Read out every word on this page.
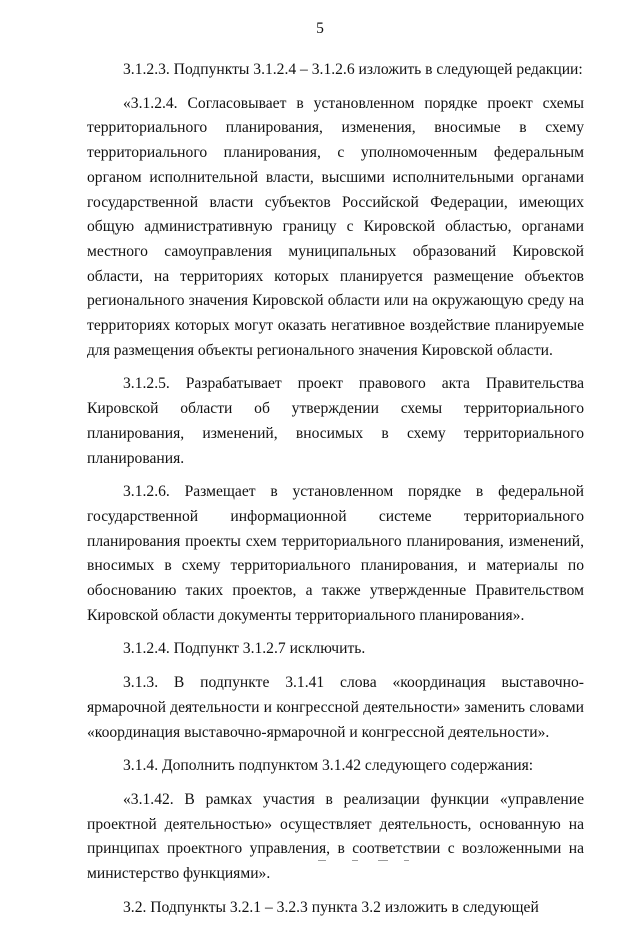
5

3.1.2.3. Подпункты 3.1.2.4 – 3.1.2.6 изложить в следующей редакции:

«3.1.2.4. Согласовывает в установленном порядке проект схемы территориального планирования, изменения, вносимые в схему территориального планирования, с уполномоченным федеральным органом исполнительной власти, высшими исполнительными органами государственной власти субъектов Российской Федерации, имеющих общую административную границу с Кировской областью, органами местного самоуправления муниципальных образований Кировской области, на территориях которых планируется размещение объектов регионального значения Кировской области или на окружающую среду на территориях которых могут оказать негативное воздействие планируемые для размещения объекты регионального значения Кировской области.

3.1.2.5. Разрабатывает проект правового акта Правительства Кировской области об утверждении схемы территориального планирования, изменений, вносимых в схему территориального планирования.

3.1.2.6. Размещает в установленном порядке в федеральной государственной информационной системе территориального планирования проекты схем территориального планирования, изменений, вносимых в схему территориального планирования, и материалы по обоснованию таких проектов, а также утвержденные Правительством Кировской области документы территориального планирования».

3.1.2.4. Подпункт 3.1.2.7 исключить.

3.1.3. В подпункте 3.1.41 слова «координация выставочно-ярмарочной деятельности и конгрессной деятельности» заменить словами «координация выставочно-ярмарочной и конгрессной деятельности».

3.1.4. Дополнить подпунктом 3.1.42 следующего содержания:

«3.1.42. В рамках участия в реализации функции «управление проектной деятельностью» осуществляет деятельность, основанную на принципах проектного управления, в соответствии с возложенными на министерство функциями».

3.2. Подпункты 3.2.1 – 3.2.3 пункта 3.2 изложить в следующей
